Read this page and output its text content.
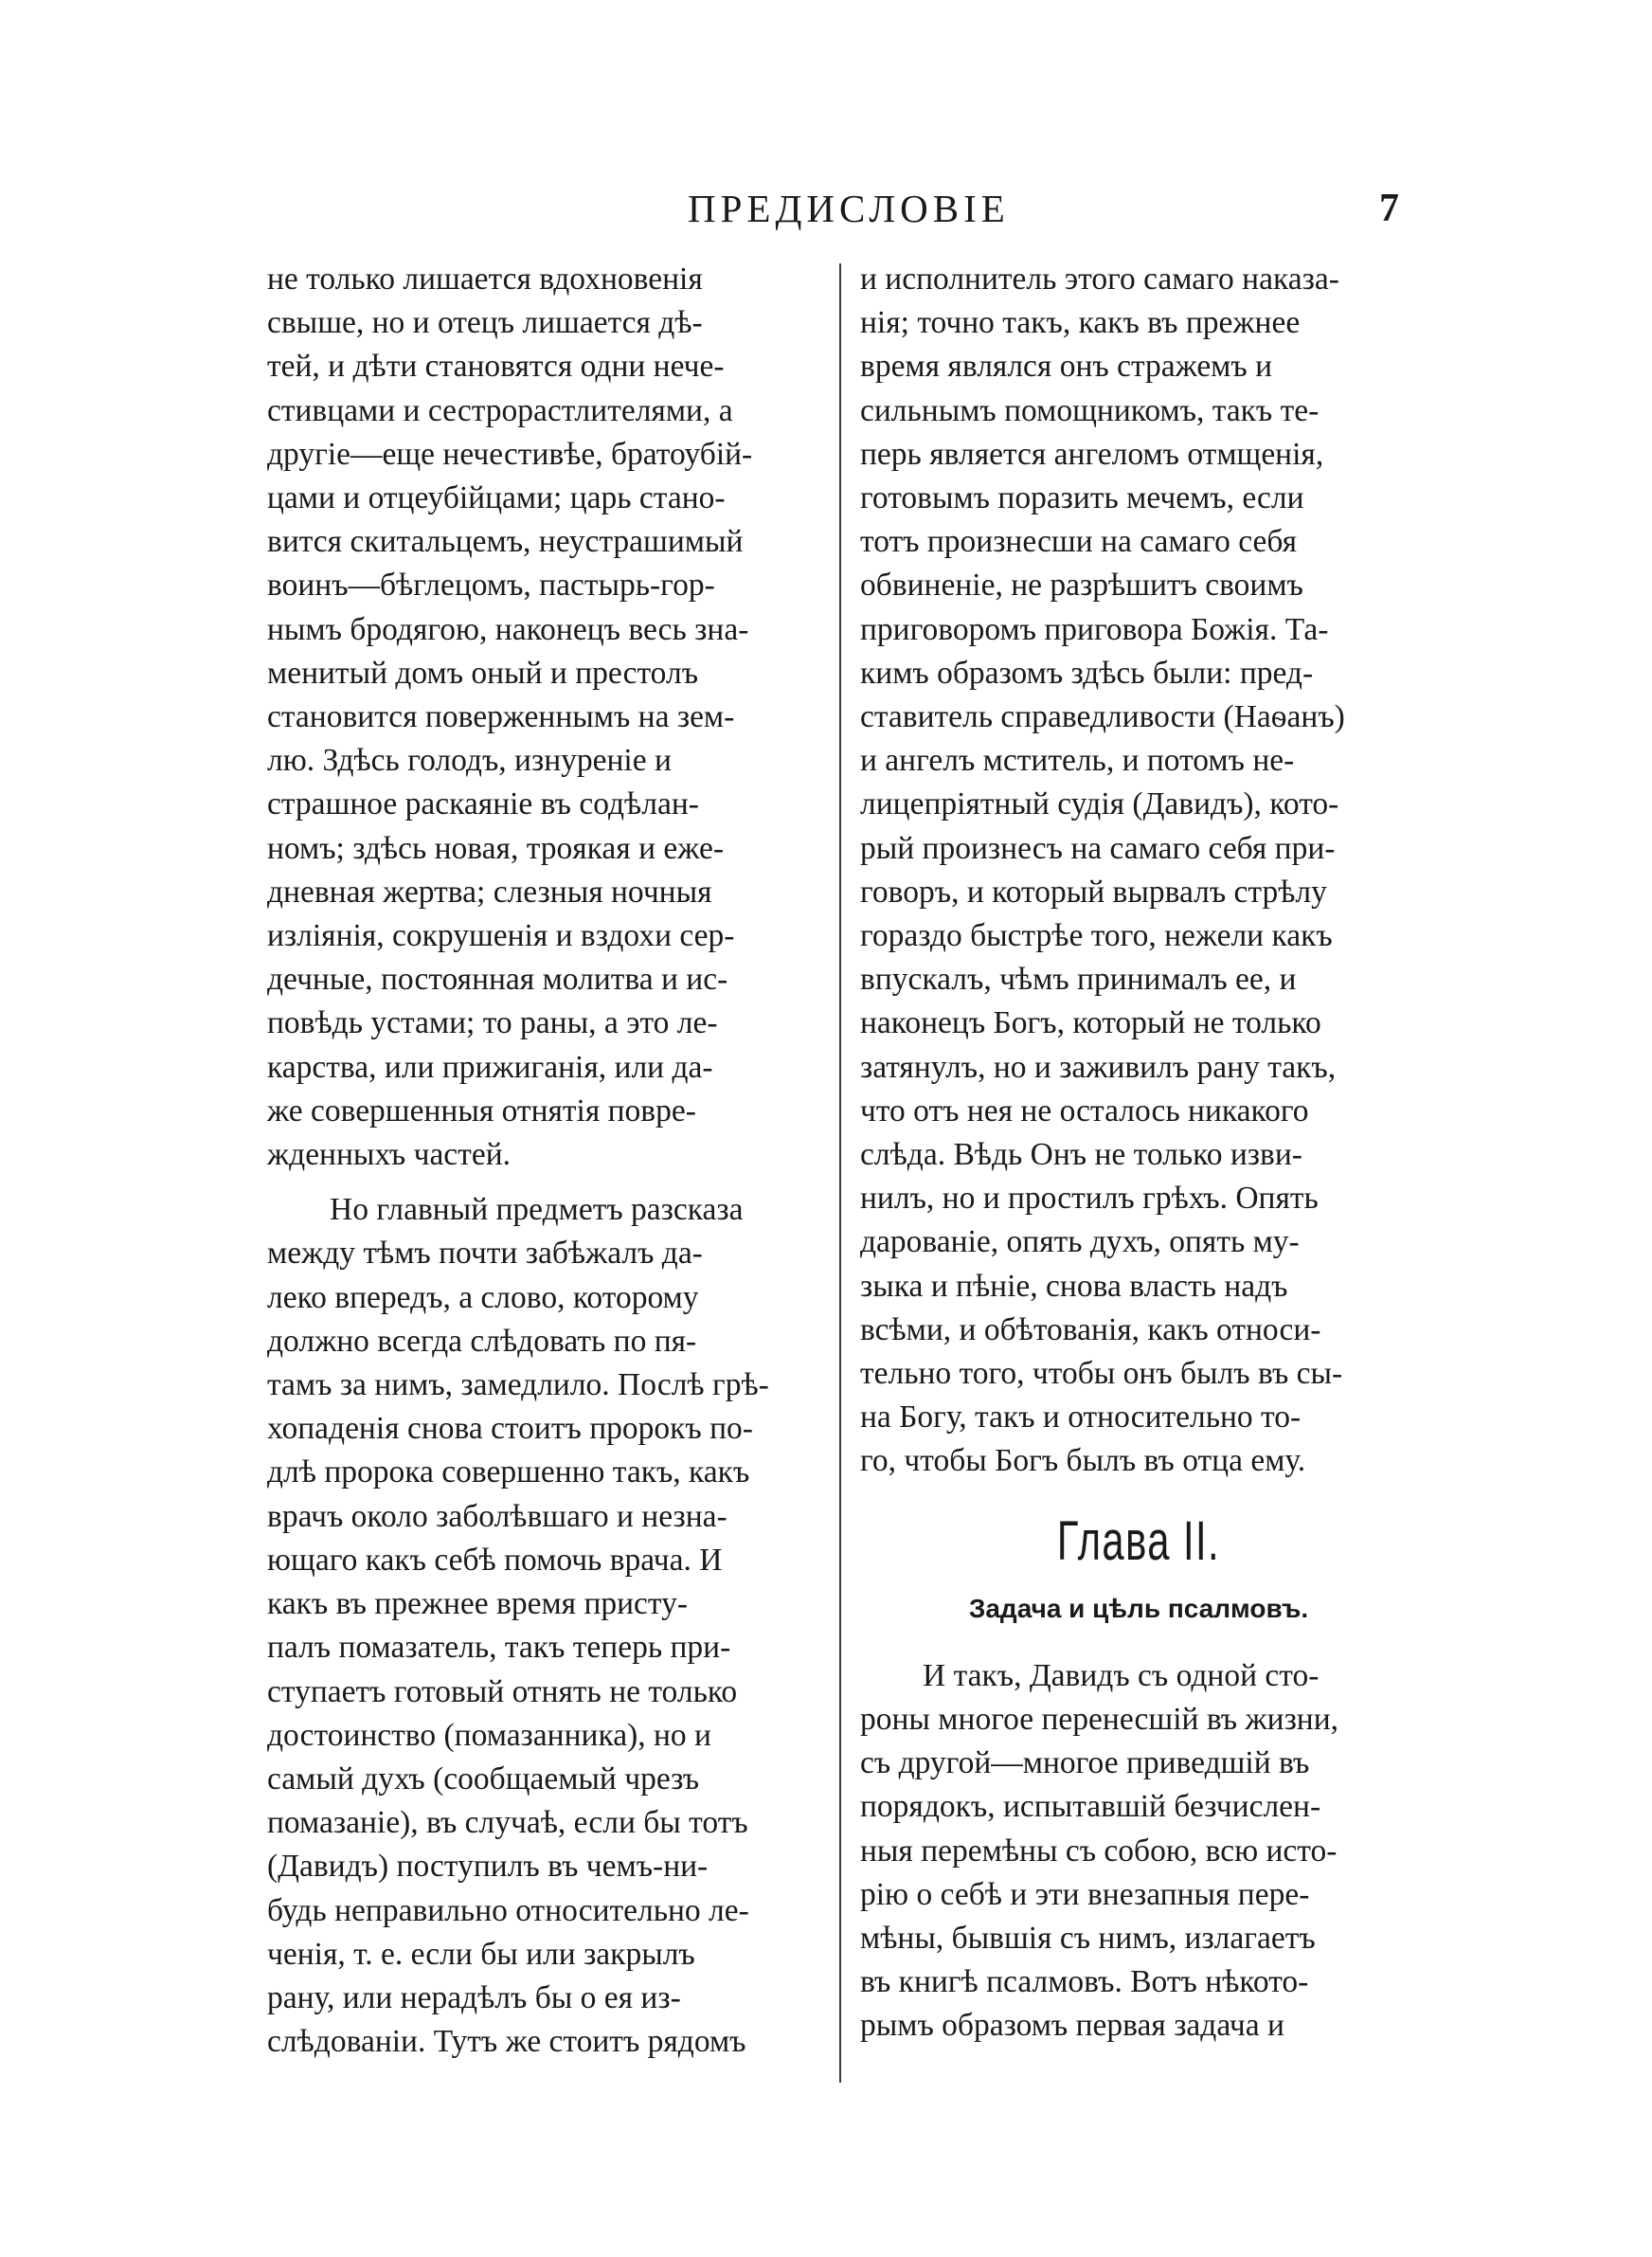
ПРЕДИСЛОВІЕ	7
не только лишается вдохновенія
свыше, но и отецъ лишается дѣ-
тей, и дѣти становятся одни нече-
стивцами и сестрорастлителями, а
другіе—еще нечестивѣе, братоубій-
цами и отцеубійцами; царь стано-
вится скитальцемъ, неустрашимый
воинъ—бѣглецомъ, пастырь-гор-
нымъ бродягою, наконецъ весь зна-
менитый домъ оный и престолъ
становится поверженнымъ на зем-
лю. Здѣсь голодъ, изнуреніе и
страшное раскаяніе въ содѣлан-
номъ; здѣсь новая, трoякая и еже-
дневная жертва; слезныя ночныя
изліянія, сокрушенія и вздохи сер-
дечные, постоянная молитва и ис-
повѣдь устами; то раны, а это ле-
карства, или прижиганія, или да-
же совершенныя отнятія повре-
жденныхъ частей.
Но главный предметъ разсказа
между тѣмъ почти забѣжалъ да-
леко впередъ, а слово, которому
должно всегда слѣдовать по пя-
тамъ за нимъ, замедлило. Послѣ грѣ-
хопаденія снова стоитъ пророкъ по-
длѣ пророка совершенно такъ, какъ
врачъ около заболѣвшаго и незна-
ющаго какъ себѣ помочь врача. И
какъ въ прежнее время присту-
палъ помазатель, такъ теперь при-
ступаетъ готовый отнять не только
достоинство (помазанника), но и
самый духъ (сообщаемый чрезъ
помазаніе), въ случаѣ, если бы тотъ
(Давидъ) поступилъ въ чемъ-ни-
будь неправильно относительно ле-
ченія, т. е. если бы или закрылъ
рану, или нерадѣлъ бы о ея из-
слѣдованіи. Тутъ же стоитъ рядомъ
и исполнитель этого самаго наказа-
нія; точно такъ, какъ въ прежнее
время являлся онъ стражемъ и
сильнымъ помощникомъ, такъ те-
перь является ангеломъ отмщенія,
готовымъ поразить мечемъ, если
тотъ произнесши на самаго себя
обвиненіе, не разрѣшитъ своимъ
приговоромъ приговора Божія. Та-
кимъ образомъ здѣсь были: пред-
ставитель справедливости (Наѳанъ)
и ангелъ мститель, и потомъ не-
лицепріятный судія (Давидъ), кото-
рый произнесъ на самаго себя при-
говоръ, и который вырвалъ стрѣлу
гораздо быстрѣе того, нежели какъ
впускалъ, чѣмъ принималъ ее, и
наконецъ Богъ, который не только
затянулъ, но и заживилъ рану такъ,
что отъ нея не осталось никакого
слѣда. Вѣдь Онъ не только изви-
нилъ, но и простилъ грѣхъ. Опять
дарованіе, опять духъ, опять му-
зыка и пѣніе, снова власть надъ
всѣми, и обѣтованія, какъ относи-
тельно того, чтобы онъ былъ въ сы-
на Богу, такъ и относительно то-
го, чтобы Богъ былъ въ отца ему.
Глава II.
Задача и цѣль псалмовъ.
И такъ, Давидъ съ одной сто-
роны многое перенесшій въ жизни,
съ другой—многое приведшій въ
порядокъ, испытавшій безчислен-
ныя перемѣны съ собою, всю исто-
рію о себѣ и эти внезапныя пере-
мѣны, бывшія съ нимъ, излагаетъ
въ книгѣ псалмовъ. Вотъ нѣкото-
рымъ образомъ первая задача и
